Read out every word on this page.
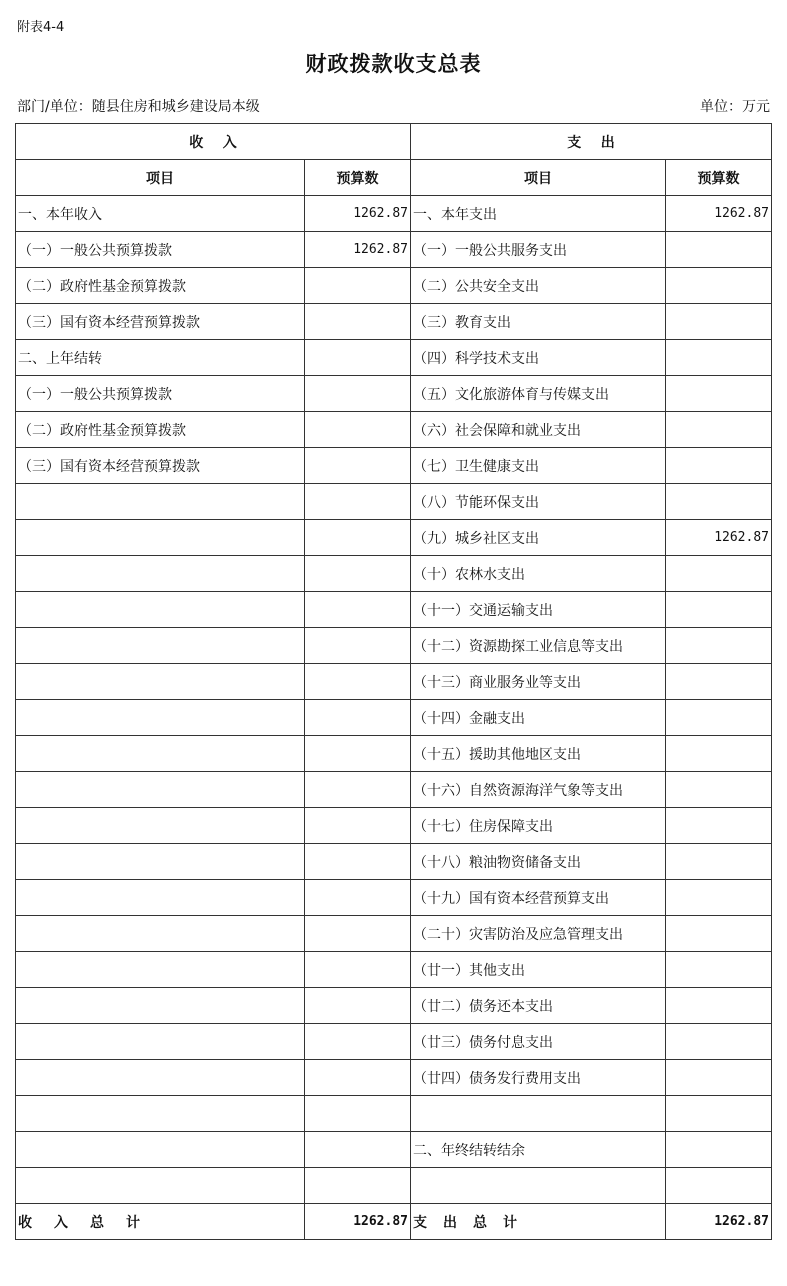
附表4-4
财政拨款收支总表
部门/单位：随县住房和城乡建设局本级	单位：万元
收    入		支    出	
项目	预算数	项目	预算数
一、本年收入	1262.87	一、本年支出	1262.87
（一）一般公共预算拨款	1262.87	（一）一般公共服务支出	
（二）政府性基金预算拨款		（二）公共安全支出	
（三）国有资本经营预算拨款		（三）教育支出	
二、上年结转		（四）科学技术支出	
（一）一般公共预算拨款		（五）文化旅游体育与传媒支出	
（二）政府性基金预算拨款		（六）社会保障和就业支出	
（三）国有资本经营预算拨款		（七）卫生健康支出	
		（八）节能环保支出	
		（九）城乡社区支出	1262.87
		（十）农林水支出	
		（十一）交通运输支出	
		（十二）资源勘探工业信息等支出	
		（十三）商业服务业等支出	
		（十四）金融支出	
		（十五）援助其他地区支出	
		（十六）自然资源海洋气象等支出	
		（十七）住房保障支出	
		（十八）粮油物资储备支出	
		（十九）国有资本经营预算支出	
		（二十）灾害防治及应急管理支出	
		（廿一）其他支出	
		（廿二）债务还本支出	
		（廿三）债务付息支出	
		（廿四）债务发行费用支出	

		二、年终结转结余	

收入总计	1262.87	支出总计	1262.87
